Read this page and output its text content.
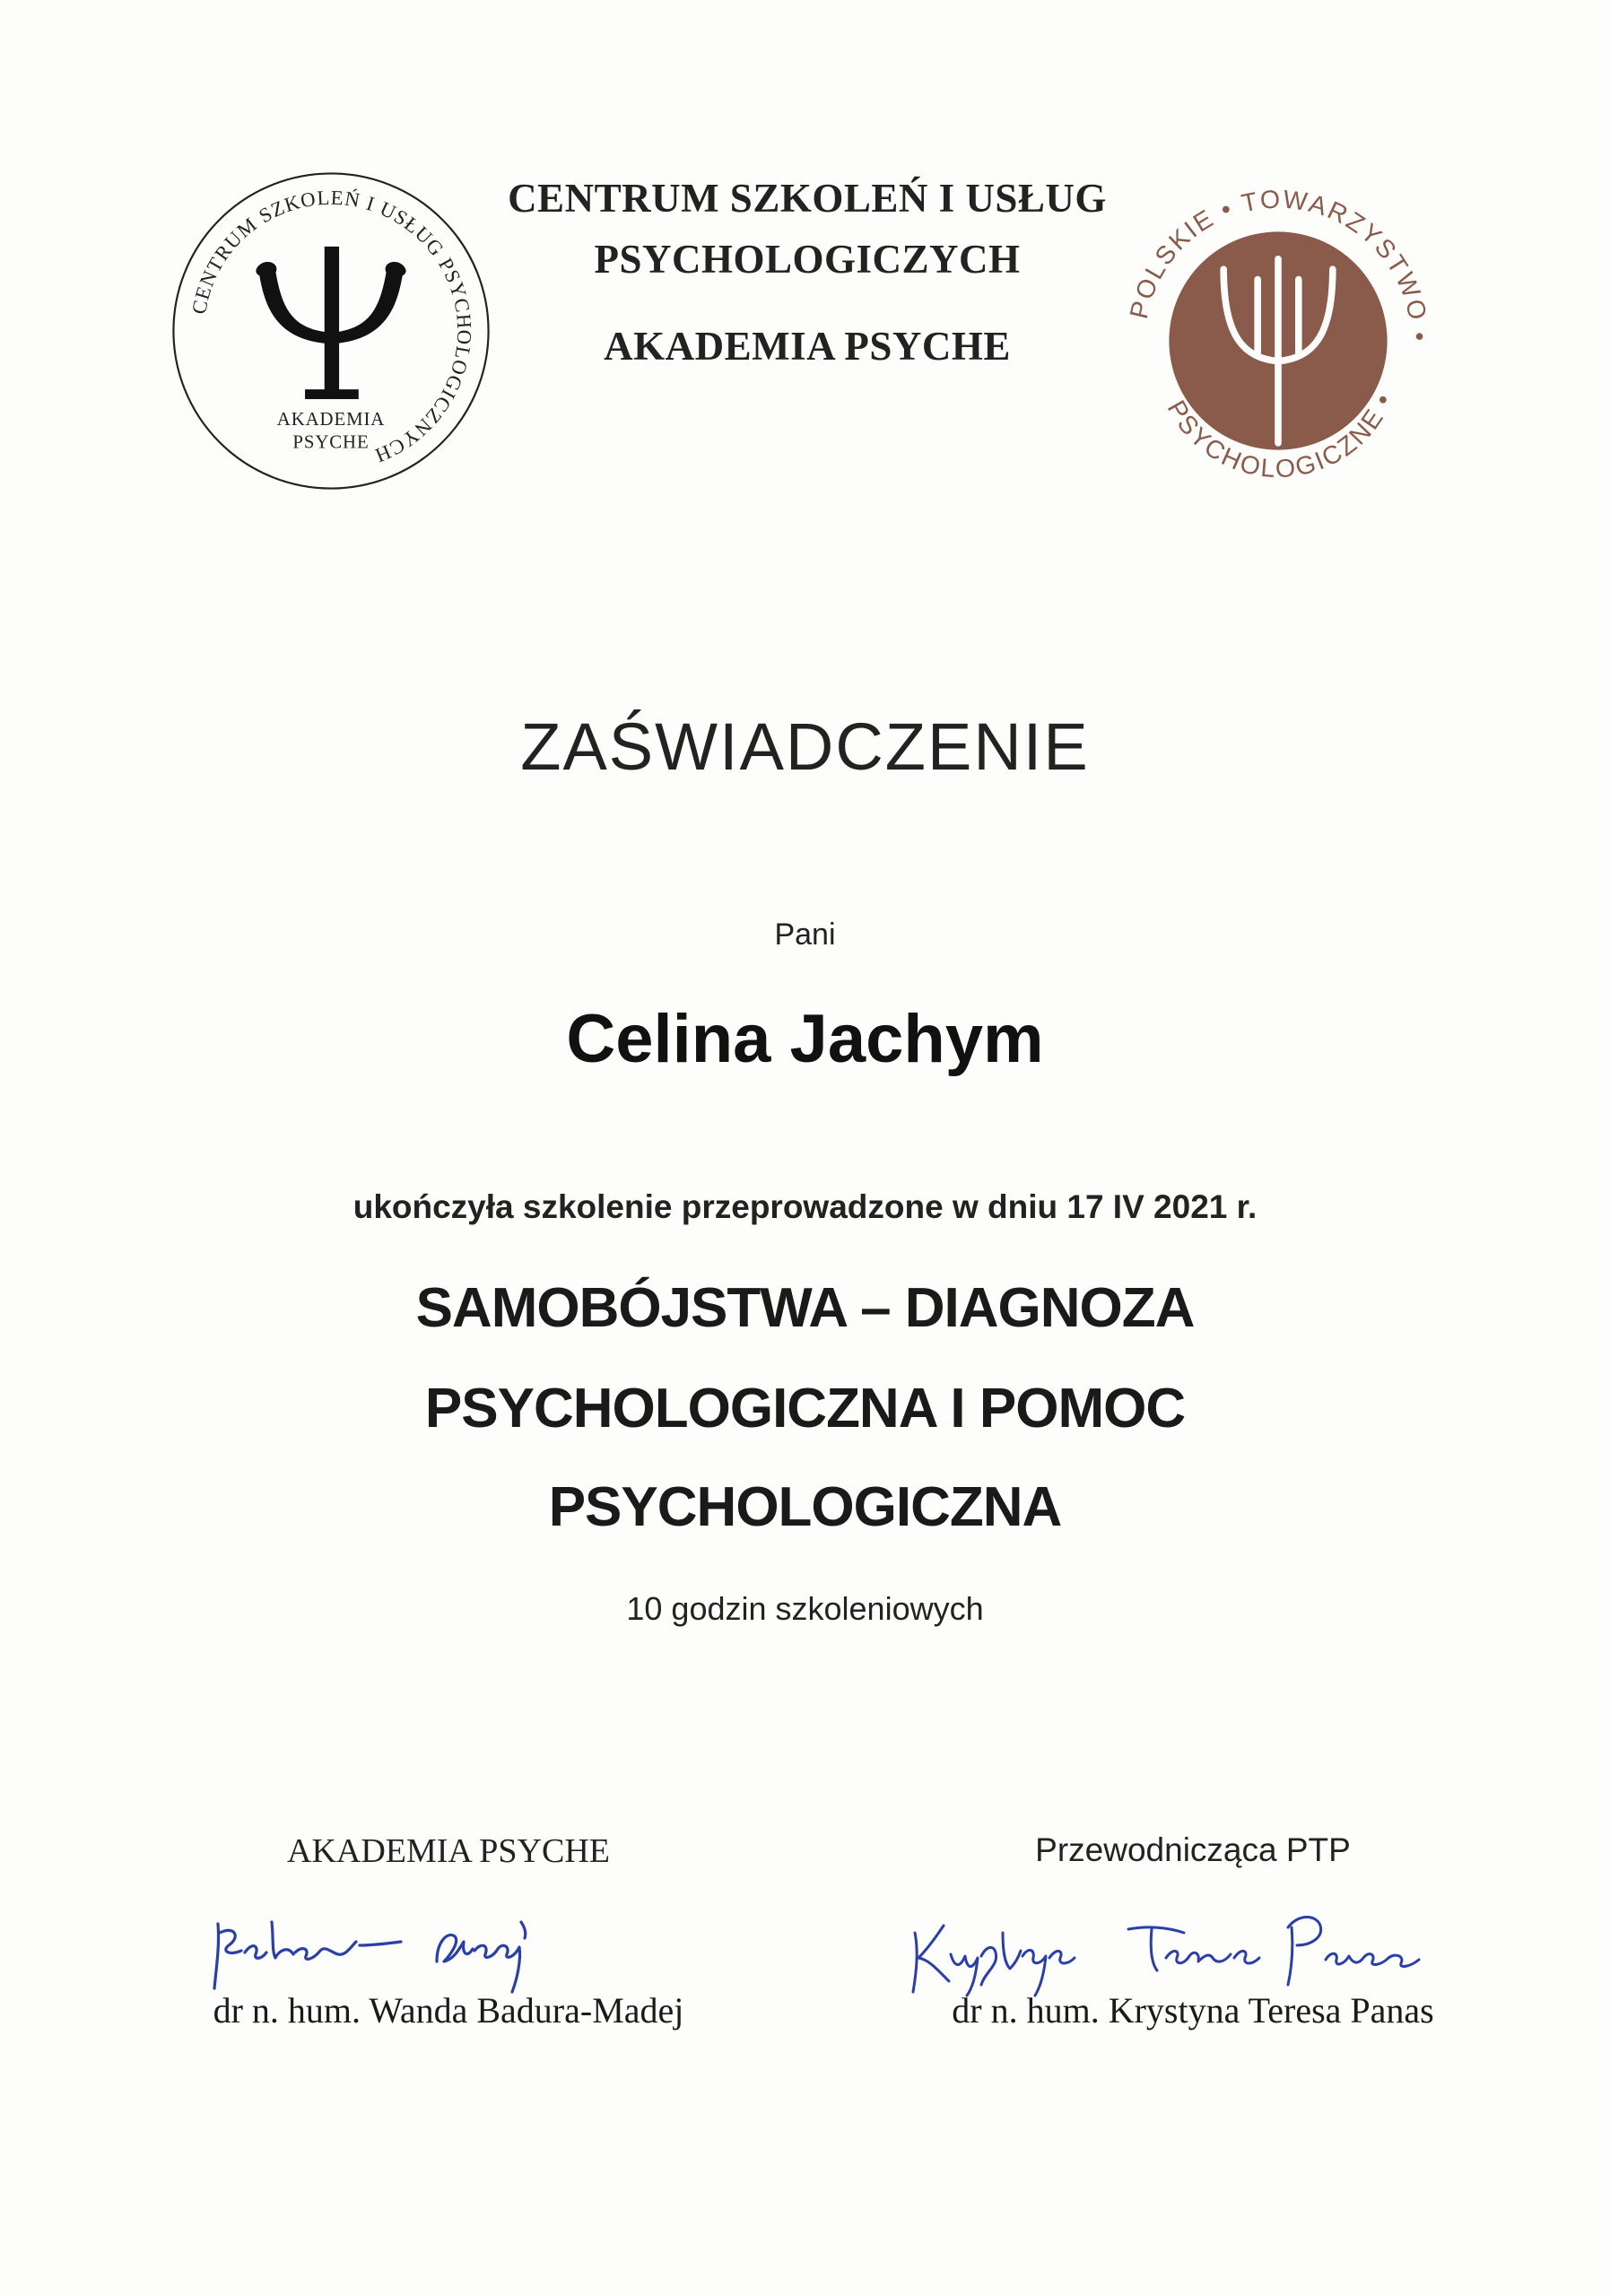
CENTRUM SZKOLEŃ I USŁUG PSYCHOLOGICZNYCH
AKADEMIA
PSYCHE
CENTRUM SZKOLEŃ I USŁUG
PSYCHOLOGICZYCH
AKADEMIA PSYCHE
POLSKIE • TOWARZYSTWO •
PSYCHOLOGICZNE •
ZAŚWIADCZENIE
Pani
Celina Jachym
ukończyła szkolenie przeprowadzone w dniu 17 IV 2021 r.
SAMOBÓJSTWA – DIAGNOZA
PSYCHOLOGICZNA I POMOC
PSYCHOLOGICZNA
10 godzin szkoleniowych
AKADEMIA PSYCHE
dr n. hum. Wanda Badura-Madej
Przewodnicząca PTP
dr n. hum. Krystyna Teresa Panas
